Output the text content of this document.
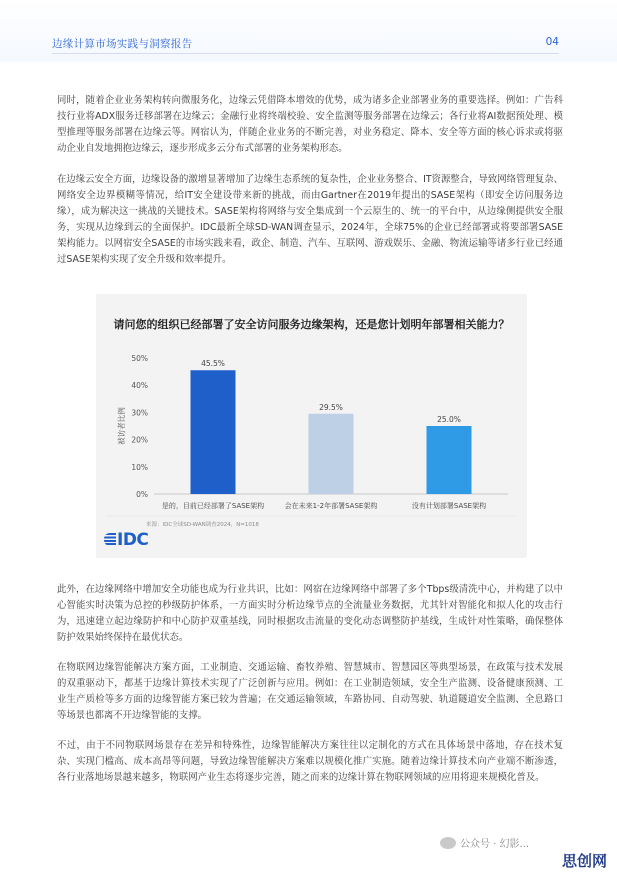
边缘计算市场实践与洞察报告	04

同时，随着企业业务架构转向微服务化，边缘云凭借降本增效的优势，成为诸多企业部署业务的重要选择。例如：广告科技行业将ADX服务迁移部署在边缘云；金融行业将终端校验、安全监测等服务部署在边缘云；各行业将AI数据预处理、模型推理等服务部署在边缘云等。网宿认为，伴随企业业务的不断完善，对业务稳定、降本、安全等方面的核心诉求或将驱动企业自发地拥抱边缘云，逐步形成多云分布式部署的业务架构形态。

在边缘云安全方面，边缘设备的激增显著增加了边缘生态系统的复杂性，企业业务整合、IT资源整合，导致网络管理复杂、网络安全边界模糊等情况，给IT安全建设带来新的挑战，而由Gartner在2019年提出的SASE架构（即安全访问服务边缘），成为解决这一挑战的关键技术。SASE架构将网络与安全集成到一个云原生的、统一的平台中，从边缘侧提供安全服务，实现从边缘到云的全面保护。IDC最新全球SD-WAN调查显示，2024年，全球75%的企业已经部署或将要部署SASE架构能力。以网宿安全SASE的市场实践来看，政企、制造、汽车、互联网、游戏娱乐、金融、物流运输等诸多行业已经通过SASE架构实现了安全升级和效率提升。

请问您的组织已经部署了安全访问服务边缘架构，还是您计划明年部署相关能力？
被访者比例
0%
10%
20%
30%
40%
50%
45.5%
是的，目前已经部署了SASE架构
29.5%
会在未来1-2年部署SASE架构
25.0%
没有计划部署SASE架构
来源：IDC全球SD-WAN调查2024，N=1018
IDC

此外，在边缘网络中增加安全功能也成为行业共识，比如：网宿在边缘网络中部署了多个Tbps级清洗中心，并构建了以中心智能实时决策为总控的秒级防护体系，一方面实时分析边缘节点的全流量业务数据，尤其针对智能化和拟人化的攻击行为，迅速建立起边缘防护和中心防护双重基线，同时根据攻击流量的变化动态调整防护基线，生成针对性策略，确保整体防护效果始终保持在最优状态。

在物联网边缘智能解决方案方面，工业制造、交通运输、畜牧养殖、智慧城市、智慧园区等典型场景，在政策与技术发展的双重驱动下，都基于边缘计算技术实现了广泛创新与应用。例如：在工业制造领域，安全生产监测、设备健康预测、工业生产质检等多方面的边缘智能方案已较为普遍；在交通运输领域，车路协同、自动驾驶、轨道隧道安全监测、全息路口等场景也都离不开边缘智能的支撑。

不过，由于不同物联网场景存在差异和特殊性，边缘智能解决方案往往以定制化的方式在具体场景中落地，存在技术复杂、实现门槛高、成本高昂等问题，导致边缘智能解决方案难以规模化推广实施。随着边缘计算技术向产业端不断渗透，各行业落地场景越来越多，物联网产业生态将逐步完善，随之而来的边缘计算在物联网领域的应用将迎来规模化普及。

公众号 · 幻影...
思创网
